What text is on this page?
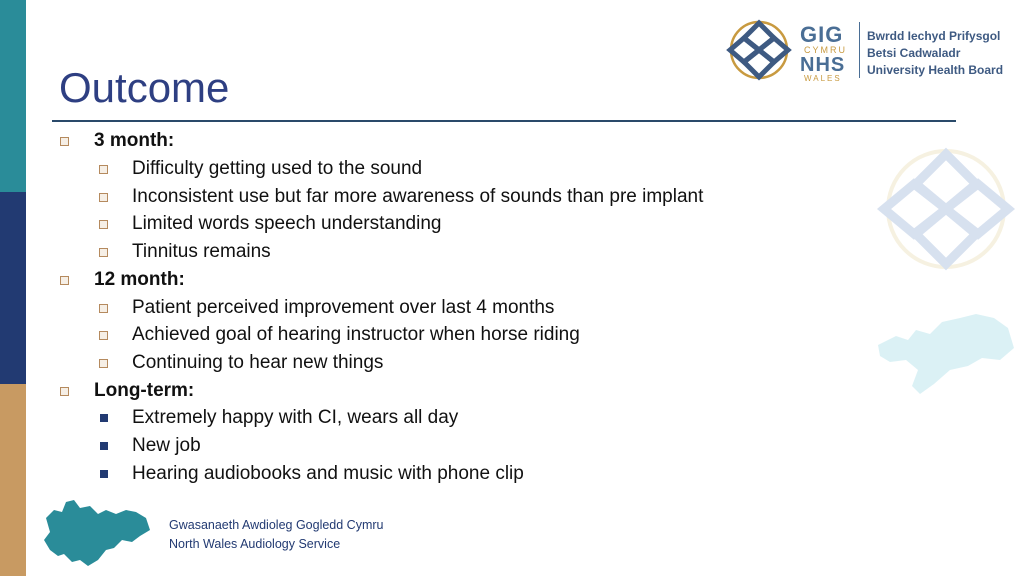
GIG
CYMRU
NHS
WALES
Bwrdd Iechyd Prifysgol
Betsi Cadwaladr
University Health Board
Outcome
3 month:
Difficulty getting used to the sound
Inconsistent use but far more awareness of sounds than pre implant
Limited words speech understanding
Tinnitus remains
12 month:
Patient perceived improvement over last 4 months
Achieved goal of hearing instructor when horse riding
Continuing to hear new things
Long-term:
Extremely happy with CI, wears all day
New job
Hearing audiobooks and music with phone clip
Gwasanaeth Awdioleg Gogledd Cymru
North Wales Audiology Service
